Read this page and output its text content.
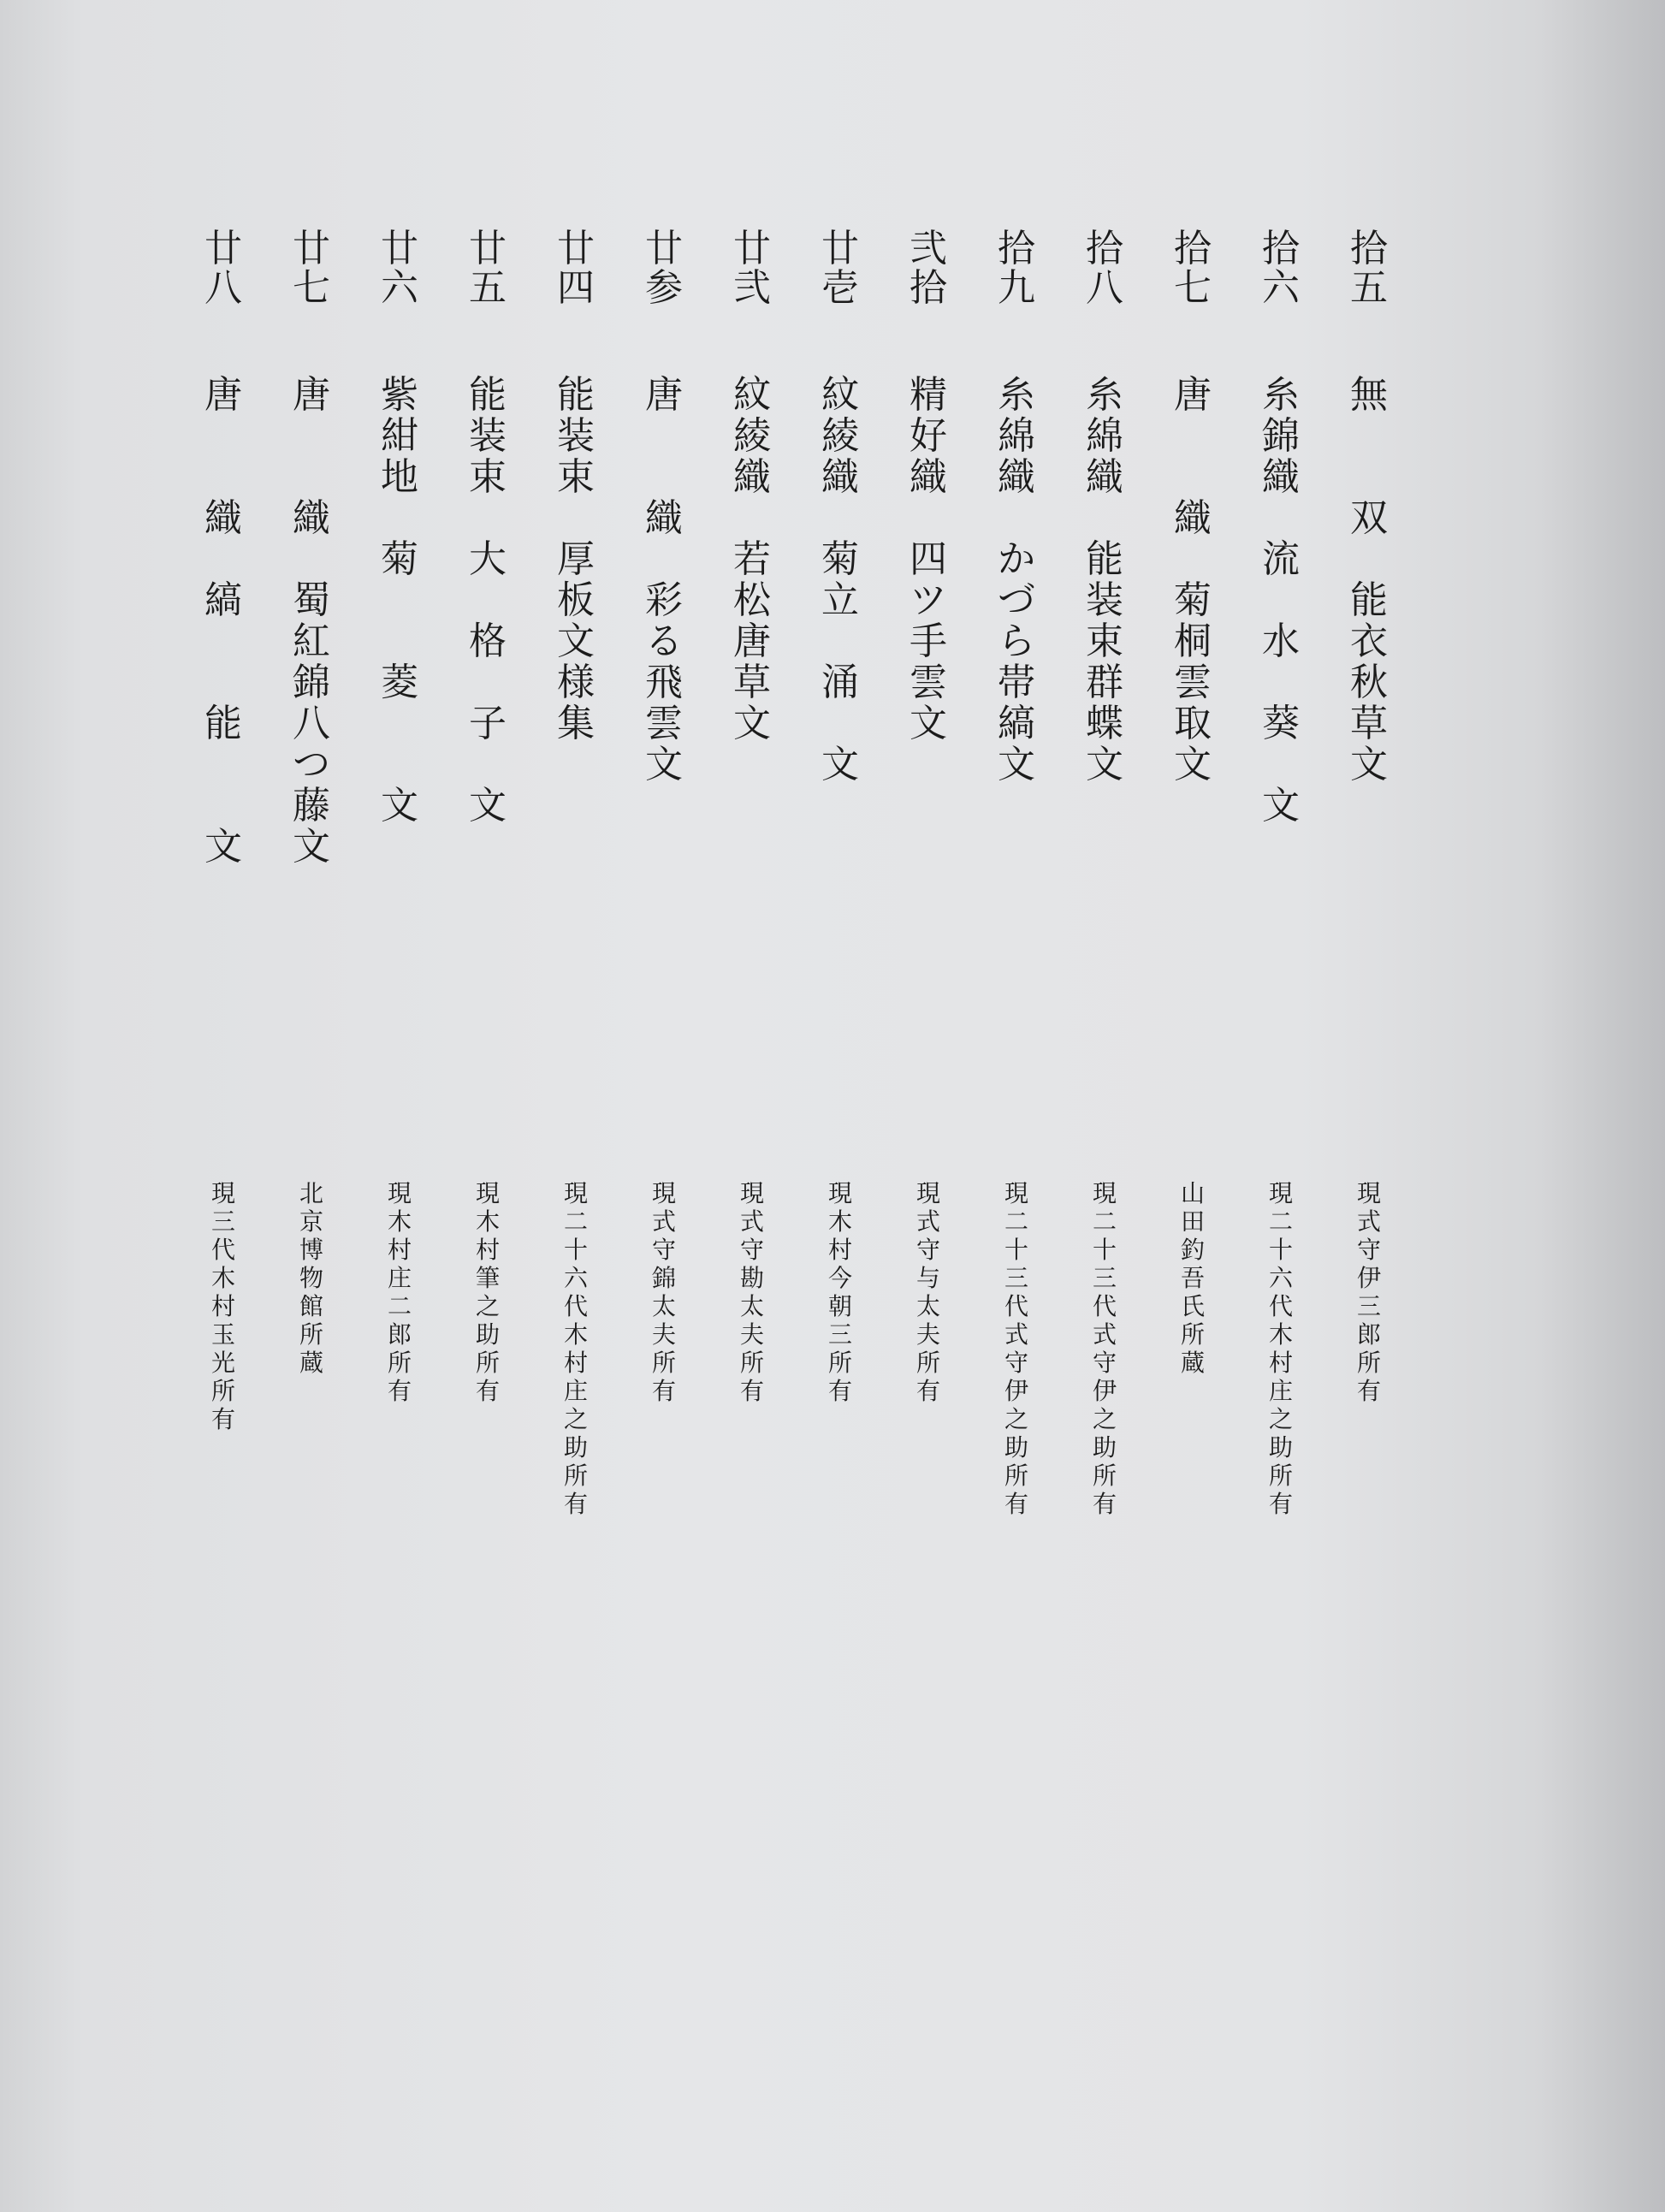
拾
五
無

双

能
衣
秋
草
文
現
式
守
伊
三
郎
所
有
拾
六
糸
錦
織

流

水

葵

文
現
二
十
六
代
木
村
庄
之
助
所
有
拾
七
唐

織

菊
桐
雲
取
文
山
田
釣
吾
氏
所
蔵
拾
八
糸
綿
織

能
装
束
群
蝶
文
現
二
十
三
代
式
守
伊
之
助
所
有
拾
九
糸
綿
織

か
づ
ら
帯
縞
文
現
二
十
三
代
式
守
伊
之
助
所
有
弐
拾
精
好
織

四
ツ
手
雲
文
現
式
守
与
太
夫
所
有
廿
壱
紋
綾
織

菊
立

涌

文
現
木
村
今
朝
三
所
有
廿
弐
紋
綾
織

若
松
唐
草
文
現
式
守
勘
太
夫
所
有
廿
参
唐

織

彩
る
飛
雲
文
現
式
守
錦
太
夫
所
有
廿
四
能
装
束

厚
板
文
様
集
現
二
十
六
代
木
村
庄
之
助
所
有
廿
五
能
装
束

大

格

子

文
現
木
村
筆
之
助
所
有
廿
六
紫
紺
地

菊

菱

文
現
木
村
庄
二
郎
所
有
廿
七
唐

織

蜀
紅
錦
八
つ
藤
文
北
京
博
物
館
所
蔵
廿
八
唐

織

縞

能

文
現
三
代
木
村
玉
光
所
有
